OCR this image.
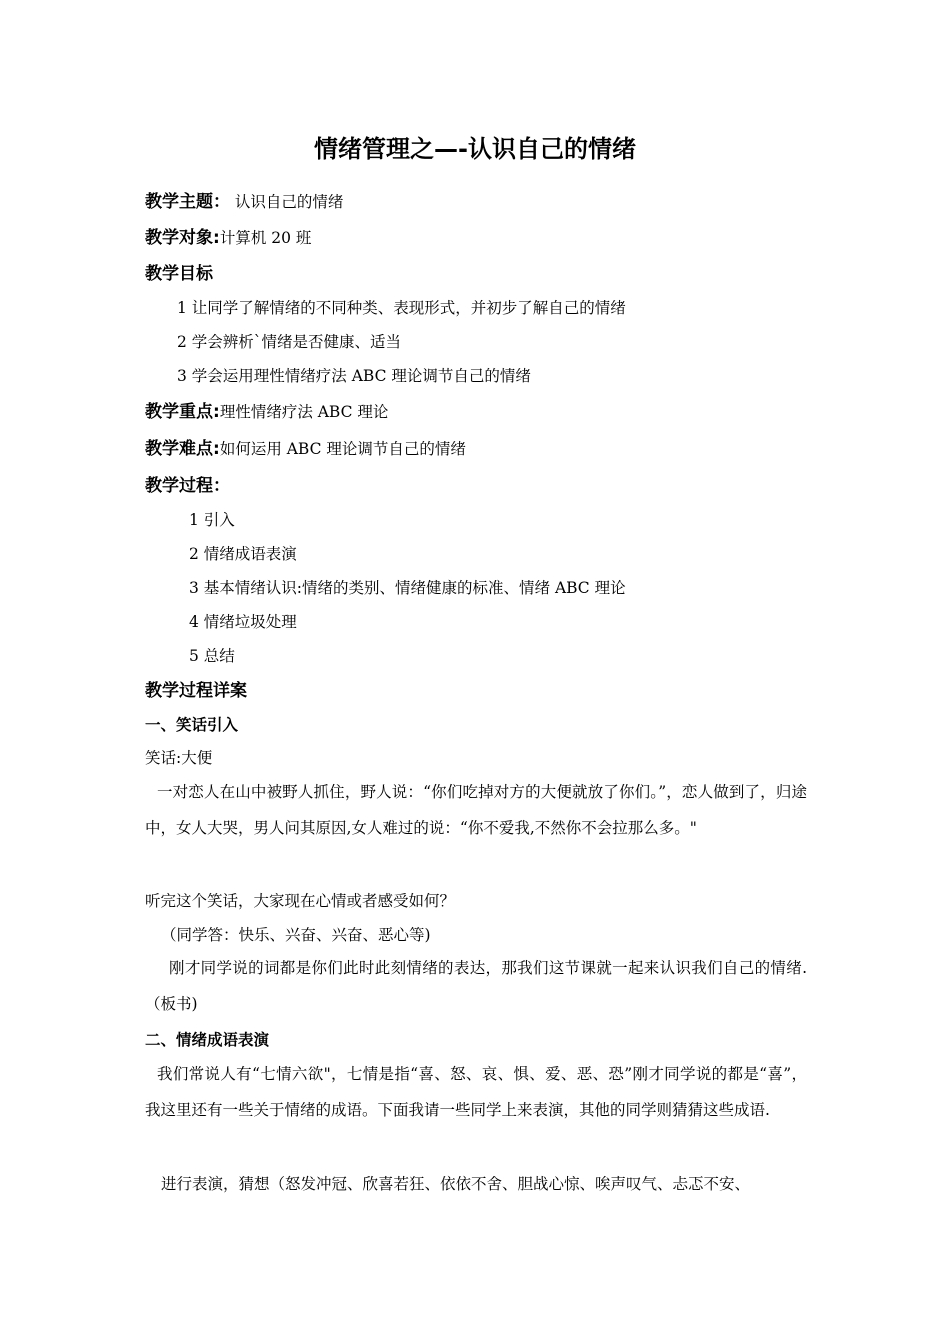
情绪管理之—-认识自己的情绪
教学主题： 认识自己的情绪
教学对象:计算机 20 班
教学目标
1 让同学了解情绪的不同种类、表现形式，并初步了解自己的情绪
2 学会辨析`情绪是否健康、适当
3 学会运用理性情绪疗法 ABC 理论调节自己的情绪
教学重点:理性情绪疗法 ABC 理论
教学难点:如何运用 ABC 理论调节自己的情绪
教学过程：
1 引入
2 情绪成语表演
3 基本情绪认识:情绪的类别、情绪健康的标准、情绪 ABC 理论
4 情绪垃圾处理
5 总结
教学过程详案
一、笑话引入
笑话:大便
一对恋人在山中被野人抓住，野人说：“你们吃掉对方的大便就放了你们。”，恋人做到了，归途中，女人大哭，男人问其原因,女人难过的说：“你不爱我,不然你不会拉那么多。"
听完这个笑话，大家现在心情或者感受如何？
（同学答：快乐、兴奋、兴奋、恶心等)
刚才同学说的词都是你们此时此刻情绪的表达，那我们这节课就一起来认识我们自己的情绪.（板书)
二、情绪成语表演
我们常说人有“七情六欲"，七情是指“喜、怒、哀、惧、爱、恶、恐”刚才同学说的都是“喜”，我这里还有一些关于情绪的成语。下面我请一些同学上来表演，其他的同学则猜猜这些成语.
进行表演，猜想（怒发冲冠、欣喜若狂、依依不舍、胆战心惊、唉声叹气、忐忑不安、
